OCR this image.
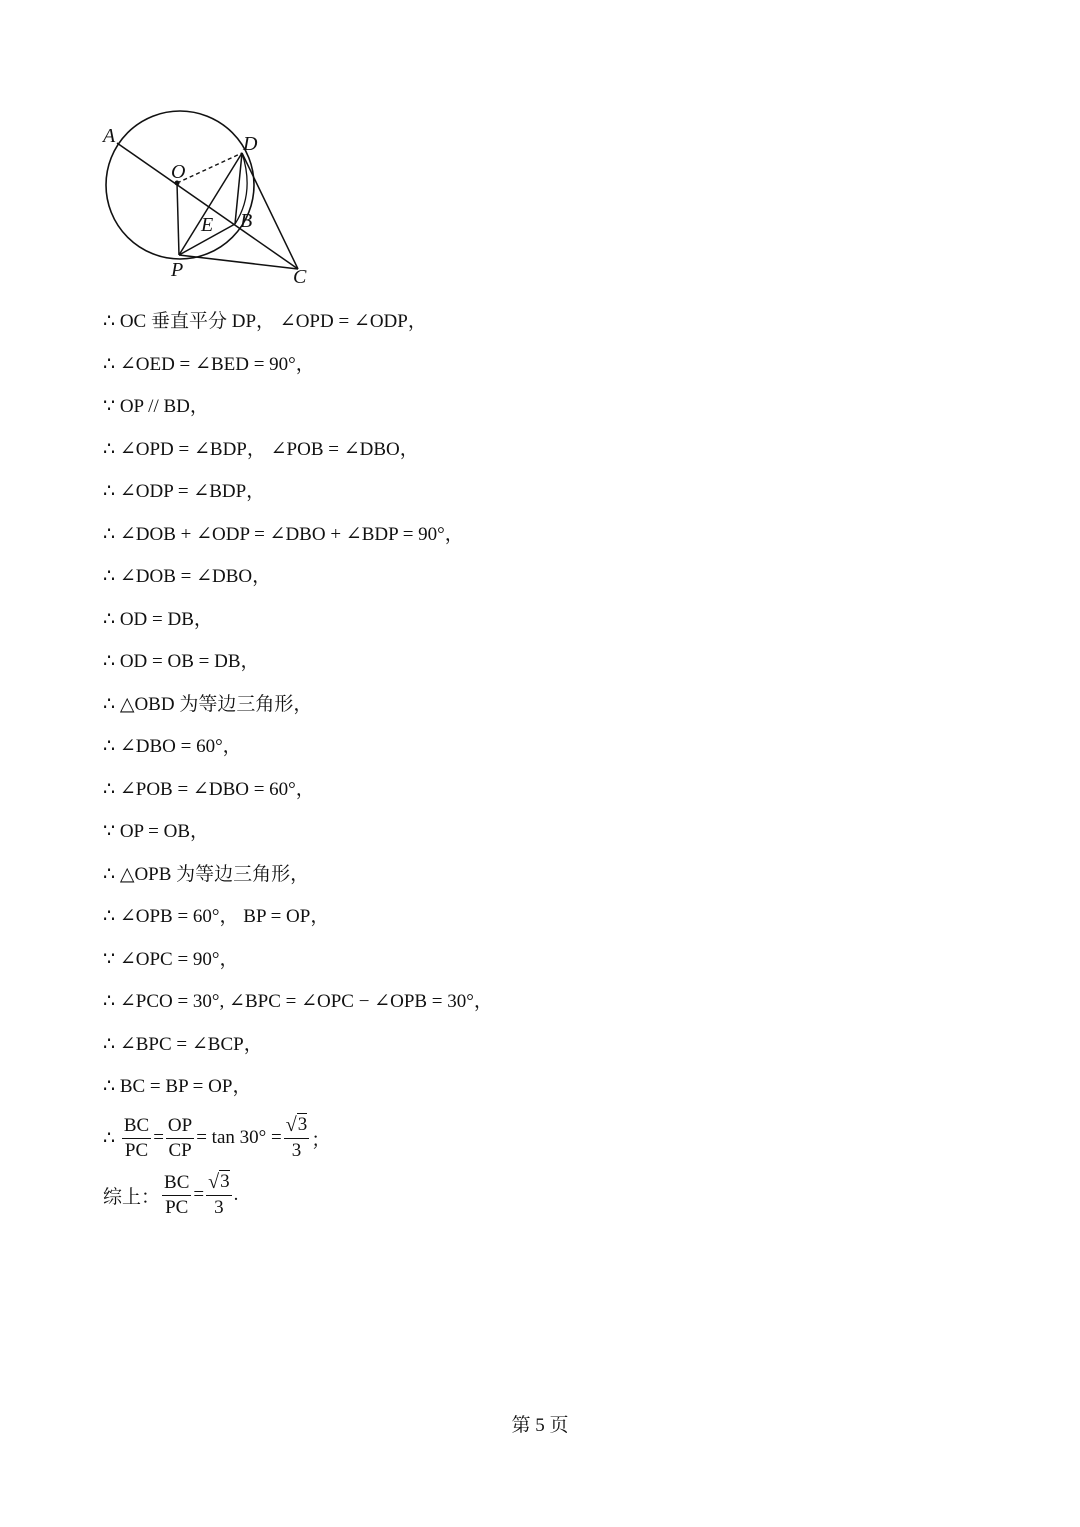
A	D
O
E B
P	C
∴ OC 垂直平分 DP， ∠OPD = ∠ODP，
∴ ∠OED = ∠BED = 90°，
∵ OP // BD，
∴ ∠OPD = ∠BDP， ∠POB = ∠DBO，
∴ ∠ODP = ∠BDP，
∴ ∠DOB + ∠ODP = ∠DBO + ∠BDP = 90°，
∴ ∠DOB = ∠DBO，
∴ OD = DB，
∴ OD = OB = DB，
∴ △OBD 为等边三角形，
∴ ∠DBO = 60°，
∴ ∠POB = ∠DBO = 60°，
∵ OP = OB，
∴ △OPB 为等边三角形，
∴ ∠OPB = 60°， BP = OP，
∵ ∠OPC = 90°，
∴ ∠PCO = 30°, ∠BPC = ∠OPC − ∠OPB = 30°，
∴ ∠BPC = ∠BCP，
∴ BC = BP = OP，
∴
$\frac{BC}{PC} = \frac{OP}{CP} = \tan 30^\circ = \frac{√ 3}{3}$ ；
综上： $\frac{BC}{PC} = \frac{√ 3}{3}$ .
第 5 页
